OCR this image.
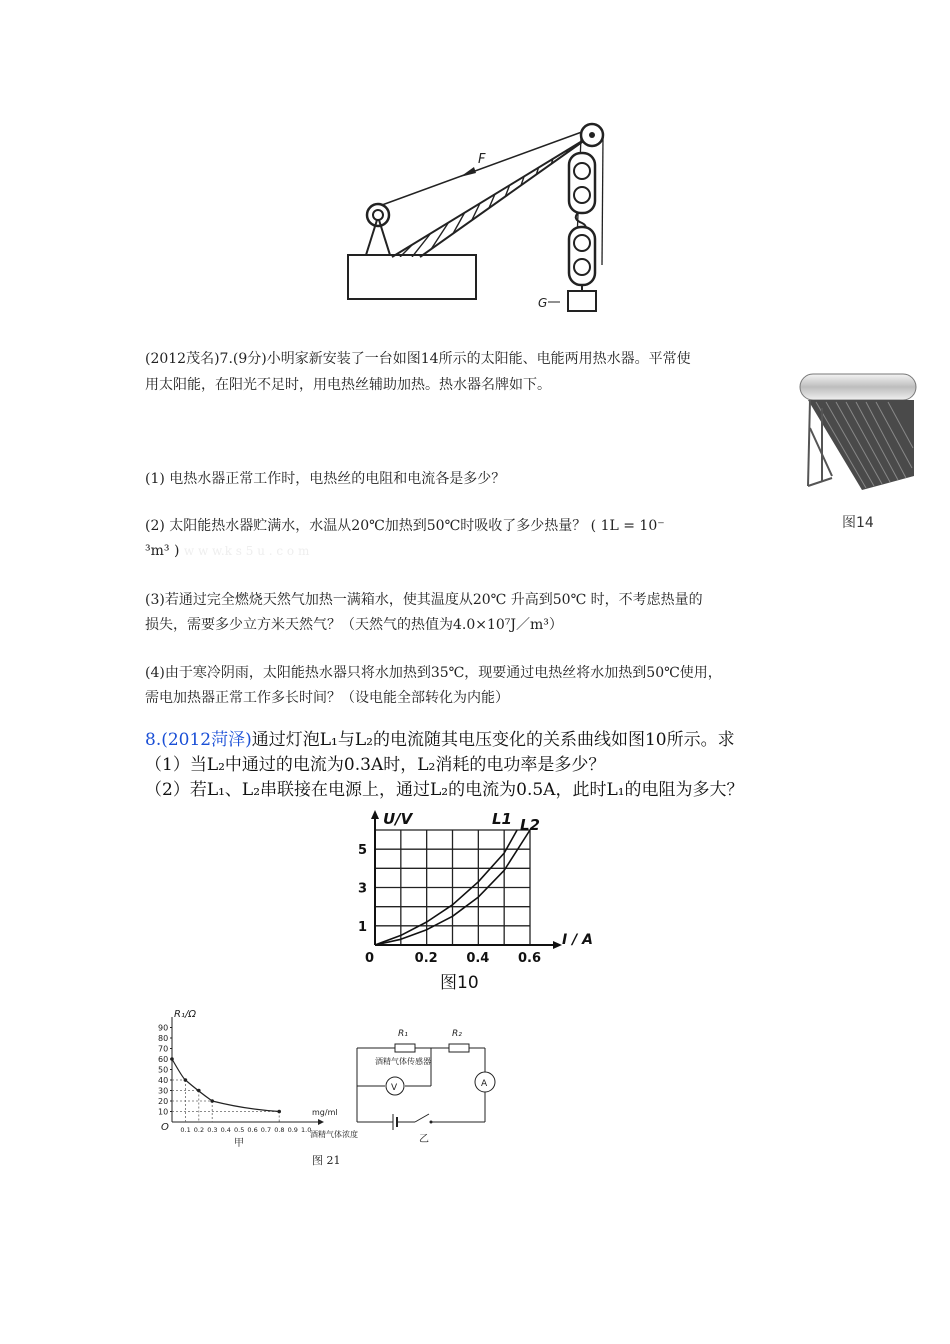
F
G
(2012茂名)7.(9分)小明家新安装了一台如图14所示的太阳能、电能两用热水器。平常使
用太阳能，在阳光不足时，用电热丝辅助加热。热水器名牌如下。
图14
(1) 电热水器正常工作时，电热丝的电阻和电流各是多少？
(2) 太阳能热水器贮满水，水温从20℃加热到50℃时吸收了多少热量？ ( 1L = 10⁻
³m³ ) w w w.k s 5 u . c o m
(3)若通过完全燃烧天然气加热一满箱水，使其温度从20℃ 升高到50℃ 时，不考虑热量的
损失，需要多少立方米天然气？（天然气的热值为4.0×10⁷J／m³）
(4)由于寒冷阴雨，太阳能热水器只将水加热到35℃，现要通过电热丝将水加热到50℃使用，
需电加热器正常工作多长时间？（设电能全部转化为内能）
8.(2012菏泽)通过灯泡L₁与L₂的电流随其电压变化的关系曲线如图10所示。求
（1）当L₂中通过的电流为0.3A时，L₂消耗的电功率是多少？
（2）若L₁、L₂串联接在电源上，通过L₂的电流为0.5A，此时L₁的电阻为多大？
0	0.2 0.4 0.6
1
3
5
U/V
I / A
L1 L2
图10
R₁/Ω
90
80
70
60
50
40
30
20
10
0.1 0.2 0.3 0.4 0.5 0.6 0.7 0.8 0.9 1.0
O
mg/ml
酒精气体浓度
甲
R₁
酒精气体传感器
R₂
V	A
乙
图 21
